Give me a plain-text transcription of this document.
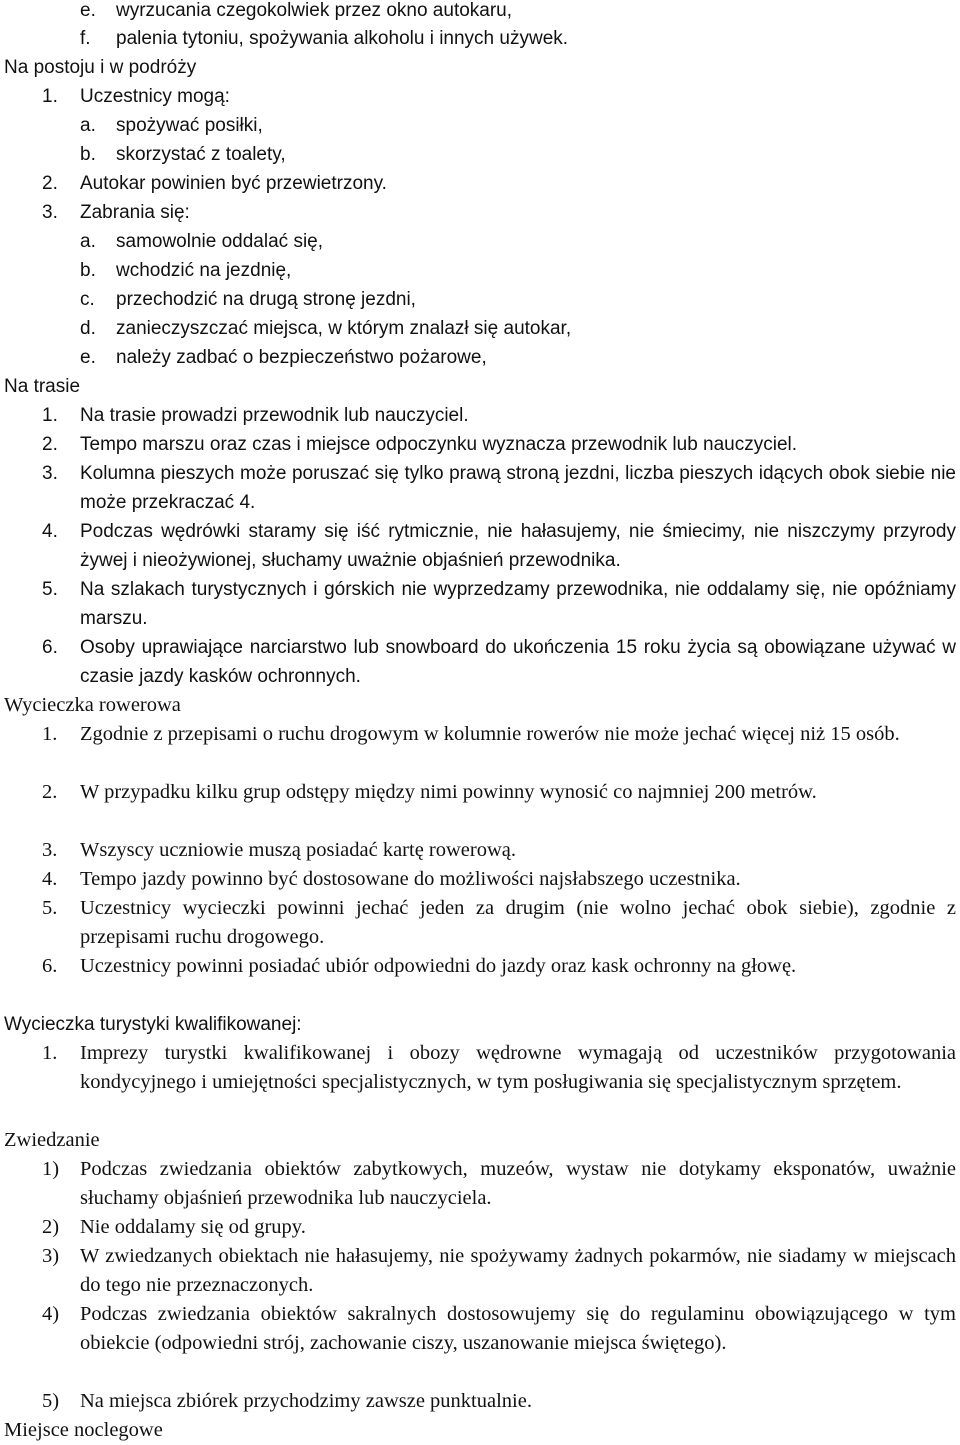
e. wyrzucania czegokolwiek przez okno autokaru,
f. palenia tytoniu, spożywania alkoholu i innych używek.
Na postoju i w podróży
1. Uczestnicy mogą:
a. spożywać posiłki,
b. skorzystać z toalety,
2. Autokar powinien być przewietrzony.
3. Zabrania się:
a. samowolnie oddalać się,
b. wchodzić na jezdnię,
c. przechodzić na drugą stronę jezdni,
d. zanieczyszczać miejsca, w którym znalazł się autokar,
e. należy zadbać o bezpieczeństwo pożarowe,
Na trasie
1. Na trasie prowadzi przewodnik lub nauczyciel.
2. Tempo marszu oraz czas i miejsce odpoczynku wyznacza przewodnik lub nauczyciel.
3. Kolumna pieszych może poruszać się tylko prawą stroną jezdni, liczba pieszych idących obok siebie nie może przekraczać 4.
4. Podczas wędrówki staramy się iść rytmicznie, nie hałasujemy, nie śmiecimy, nie niszczymy przyrody żywej i nieożywionej, słuchamy uważnie objaśnień przewodnika.
5. Na szlakach turystycznych i górskich nie wyprzedzamy przewodnika, nie oddalamy się, nie opóźniamy marszu.
6. Osoby uprawiające narciarstwo lub snowboard do ukończenia 15 roku życia są obowiązane używać w czasie jazdy kasków ochronnych.
Wycieczka rowerowa
1. Zgodnie z przepisami o ruchu drogowym w kolumnie rowerów nie może jechać więcej niż 15 osób.
2. W przypadku kilku grup odstępy między nimi powinny wynosić co najmniej 200 metrów.
3. Wszyscy uczniowie muszą posiadać kartę rowerową.
4. Tempo jazdy powinno być dostosowane do możliwości najsłabszego uczestnika.
5. Uczestnicy wycieczki powinni jechać jeden za drugim (nie wolno jechać obok siebie), zgodnie z przepisami ruchu drogowego.
6. Uczestnicy powinni posiadać ubiór odpowiedni do jazdy oraz kask ochronny na głowę.
Wycieczka turystyki kwalifikowanej:
1. Imprezy turystki kwalifikowanej i obozy wędrowne wymagają od uczestników przygotowania kondycyjnego i umiejętności specjalistycznych, w tym posługiwania się specjalistycznym sprzętem.
Zwiedzanie
1) Podczas zwiedzania obiektów zabytkowych, muzeów, wystaw nie dotykamy eksponatów, uważnie słuchamy objaśnień przewodnika lub nauczyciela.
2) Nie oddalamy się od grupy.
3) W zwiedzanych obiektach nie hałasujemy, nie spożywamy żadnych pokarmów, nie siadamy w miejscach do tego nie przeznaczonych.
4) Podczas zwiedzania obiektów sakralnych dostosowujemy się do regulaminu obowiązującego w tym obiekcie (odpowiedni strój, zachowanie ciszy, uszanowanie miejsca świętego).
5) Na miejsca zbiórek przychodzimy zawsze punktualnie.
Miejsce noclegowe
